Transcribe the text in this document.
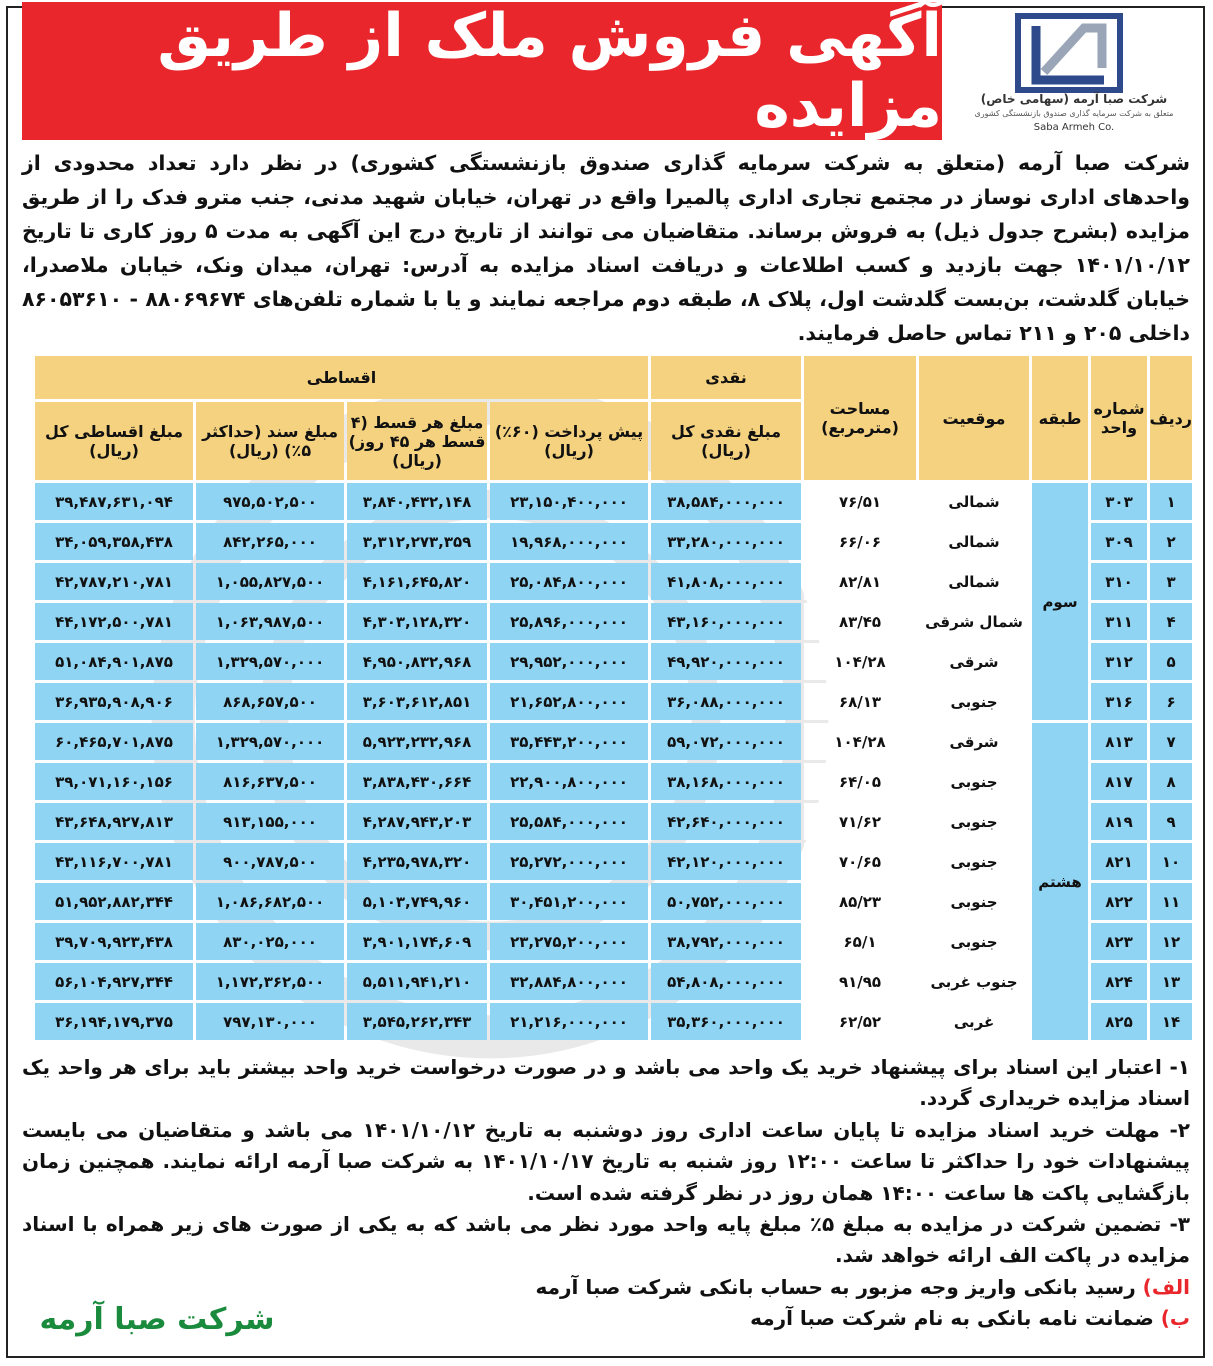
آگهی فروش ملک از طریق مزایده	شرکت صبا آرمه (سهامی خاص)
متعلق به شرکت سرمایه گذاری صندوق بازنشستگی کشوری
Saba Armeh Co.
شرکت صبا آرمه (متعلق به شرکت سرمایه گذاری صندوق بازنشستگی کشوری) در نظر دارد تعداد محدودی از واحدهای اداری نوساز در مجتمع تجاری اداری پالمیرا واقع در تهران، خیابان شهید مدنی، جنب مترو فدک را از طریق مزایده (بشرح جدول ذیل) به فروش برساند. متقاضیان می توانند از تاریخ درج این آگهی به مدت ۵ روز کاری تا تاریخ ۱۴۰۱/۱۰/۱۲ جهت بازدید و کسب اطلاعات و دریافت اسناد مزایده به آدرس: تهران، میدان ونک، خیابان ملاصدرا، خیابان گلدشت، بن‌بست گلدشت اول، پلاک ۸، طبقه دوم مراجعه نمایند و یا با شماره تلفن‌های ۸۸۰۶۹۶۷۴ - ۸۶۰۵۳۶۱۰ داخلی ۲۰۵ و ۲۱۱ تماس حاصل فرمایند.
ردیف	شماره واحد	طبقه	موقعیت	مساحت (مترمربع)	نقدی	اقساطی			
					مبلغ نقدی کل (ریال)	پیش پرداخت (۶۰٪) (ریال)	مبلغ هر قسط (۴ قسط هر ۴۵ روز) (ریال)	مبلغ سند (حداکثر ۵٪) (ریال)	مبلغ اقساطی کل (ریال)
۱	۳۰۳	سوم	شمالی	۷۶/۵۱	۳۸,۵۸۴,۰۰۰,۰۰۰	۲۳,۱۵۰,۴۰۰,۰۰۰	۳,۸۴۰,۴۳۲,۱۴۸	۹۷۵,۵۰۲,۵۰۰	۳۹,۴۸۷,۶۳۱,۰۹۴
۲	۳۰۹		شمالی	۶۶/۰۶	۳۳,۲۸۰,۰۰۰,۰۰۰	۱۹,۹۶۸,۰۰۰,۰۰۰	۳,۳۱۲,۲۷۳,۳۵۹	۸۴۲,۲۶۵,۰۰۰	۳۴,۰۵۹,۳۵۸,۴۳۸
۳	۳۱۰		شمالی	۸۲/۸۱	۴۱,۸۰۸,۰۰۰,۰۰۰	۲۵,۰۸۴,۸۰۰,۰۰۰	۴,۱۶۱,۶۴۵,۸۲۰	۱,۰۵۵,۸۲۷,۵۰۰	۴۲,۷۸۷,۲۱۰,۷۸۱
۴	۳۱۱		شمال شرقی	۸۳/۴۵	۴۳,۱۶۰,۰۰۰,۰۰۰	۲۵,۸۹۶,۰۰۰,۰۰۰	۴,۳۰۳,۱۲۸,۳۲۰	۱,۰۶۳,۹۸۷,۵۰۰	۴۴,۱۷۲,۵۰۰,۷۸۱
۵	۳۱۲		شرقی	۱۰۴/۲۸	۴۹,۹۲۰,۰۰۰,۰۰۰	۲۹,۹۵۲,۰۰۰,۰۰۰	۴,۹۵۰,۸۳۲,۹۶۸	۱,۳۲۹,۵۷۰,۰۰۰	۵۱,۰۸۴,۹۰۱,۸۷۵
۶	۳۱۶		جنوبی	۶۸/۱۳	۳۶,۰۸۸,۰۰۰,۰۰۰	۲۱,۶۵۲,۸۰۰,۰۰۰	۳,۶۰۳,۶۱۲,۸۵۱	۸۶۸,۶۵۷,۵۰۰	۳۶,۹۳۵,۹۰۸,۹۰۶
۷	۸۱۳	هشتم	شرقی	۱۰۴/۲۸	۵۹,۰۷۲,۰۰۰,۰۰۰	۳۵,۴۴۳,۲۰۰,۰۰۰	۵,۹۲۳,۲۳۲,۹۶۸	۱,۳۲۹,۵۷۰,۰۰۰	۶۰,۴۶۵,۷۰۱,۸۷۵
۸	۸۱۷		جنوبی	۶۴/۰۵	۳۸,۱۶۸,۰۰۰,۰۰۰	۲۲,۹۰۰,۸۰۰,۰۰۰	۳,۸۳۸,۴۳۰,۶۶۴	۸۱۶,۶۳۷,۵۰۰	۳۹,۰۷۱,۱۶۰,۱۵۶
۹	۸۱۹		جنوبی	۷۱/۶۲	۴۲,۶۴۰,۰۰۰,۰۰۰	۲۵,۵۸۴,۰۰۰,۰۰۰	۴,۲۸۷,۹۴۳,۲۰۳	۹۱۳,۱۵۵,۰۰۰	۴۳,۶۴۸,۹۲۷,۸۱۳
۱۰	۸۲۱		جنوبی	۷۰/۶۵	۴۲,۱۲۰,۰۰۰,۰۰۰	۲۵,۲۷۲,۰۰۰,۰۰۰	۴,۲۳۵,۹۷۸,۳۲۰	۹۰۰,۷۸۷,۵۰۰	۴۳,۱۱۶,۷۰۰,۷۸۱
۱۱	۸۲۲		جنوبی	۸۵/۲۳	۵۰,۷۵۲,۰۰۰,۰۰۰	۳۰,۴۵۱,۲۰۰,۰۰۰	۵,۱۰۳,۷۴۹,۹۶۰	۱,۰۸۶,۶۸۲,۵۰۰	۵۱,۹۵۲,۸۸۲,۳۴۴
۱۲	۸۲۳		جنوبی	۶۵/۱	۳۸,۷۹۲,۰۰۰,۰۰۰	۲۳,۲۷۵,۲۰۰,۰۰۰	۳,۹۰۱,۱۷۴,۶۰۹	۸۳۰,۰۲۵,۰۰۰	۳۹,۷۰۹,۹۲۳,۴۳۸
۱۳	۸۲۴		جنوب غربی	۹۱/۹۵	۵۴,۸۰۸,۰۰۰,۰۰۰	۳۲,۸۸۴,۸۰۰,۰۰۰	۵,۵۱۱,۹۴۱,۲۱۰	۱,۱۷۲,۳۶۲,۵۰۰	۵۶,۱۰۴,۹۲۷,۳۴۴
۱۴	۸۲۵		غربی	۶۲/۵۲	۳۵,۳۶۰,۰۰۰,۰۰۰	۲۱,۲۱۶,۰۰۰,۰۰۰	۳,۵۴۵,۲۶۲,۳۴۳	۷۹۷,۱۳۰,۰۰۰	۳۶,۱۹۴,۱۷۹,۳۷۵

۱- اعتبار این اسناد برای پیشنهاد خرید یک واحد می باشد و در صورت درخواست خرید واحد بیشتر باید برای هر واحد یک اسناد مزایده خریداری گردد.

۲- مهلت خرید اسناد مزایده تا پایان ساعت اداری روز دوشنبه به تاریخ ۱۴۰۱/۱۰/۱۲ می باشد و متقاضیان می بایست پیشنهادات خود را حداکثر تا ساعت ۱۲:۰۰ روز شنبه به تاریخ ۱۴۰۱/۱۰/۱۷ به شرکت صبا آرمه ارائه نمایند. همچنین زمان بازگشایی پاکت ها ساعت ۱۴:۰۰ همان روز در نظر گرفته شده است.

۳- تضمین شرکت در مزایده به مبلغ ۵٪ مبلغ پایه واحد مورد نظر می باشد که به یکی از صورت های زیر همراه با اسناد مزایده در پاکت الف ارائه خواهد شد.

الف) رسید بانکی واریز وجه مزبور به حساب بانکی شرکت صبا آرمه

ب) ضمانت نامه بانکی به نام شرکت صبا آرمه

شرکت صبا آرمه
